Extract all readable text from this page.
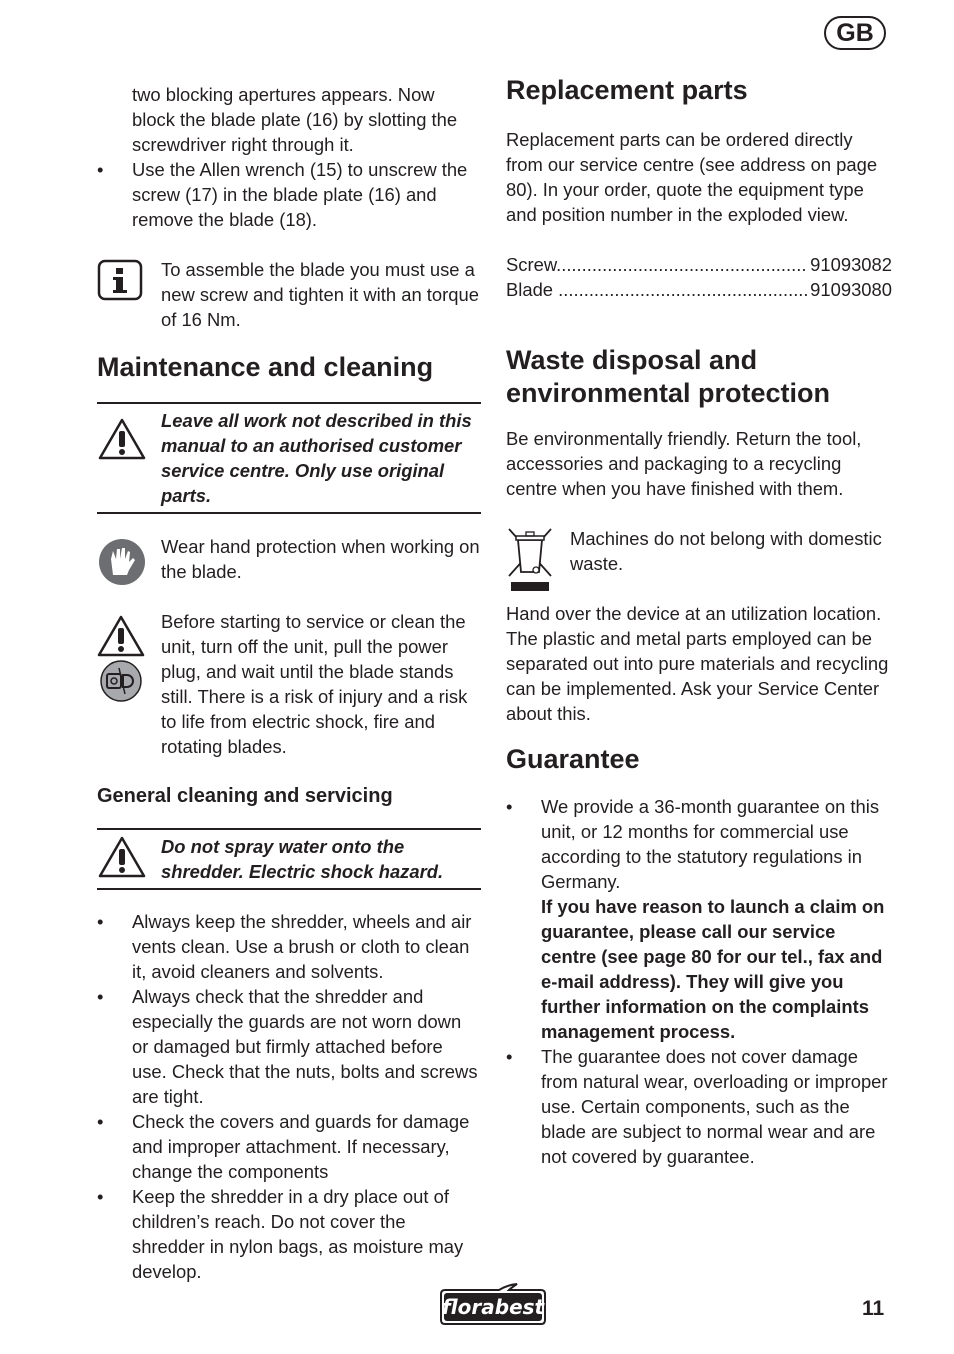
GB

two blocking apertures appears. Now block the blade plate (16) by slotting the screwdriver right through it.

• Use the Allen wrench (15) to unscrew the screw (17) in the blade plate (16) and remove the blade (18).

To assemble the blade you must use a new screw and tighten it with an torque of 16 Nm.

Maintenance and cleaning

Leave all work not described in this manual to an authorised customer service centre. Only use original parts.

Wear hand protection when working on the blade.

Before starting to service or clean the unit, turn off the unit, pull the power plug, and wait until the blade stands still. There is a risk of injury and a risk to life from electric shock, fire and rotating blades.

General cleaning and servicing

Do not spray water onto the shredder. Electric shock hazard.

• Always keep the shredder, wheels and air vents clean. Use a brush or cloth to clean it, avoid cleaners and solvents.
• Always check that the shredder and especially the guards are not worn down or damaged but firmly attached before use. Check that the nuts, bolts and screws are tight.
• Check the covers and guards for damage and improper attachment. If necessary, change the components
• Keep the shredder in a dry place out of children’s reach. Do not cover the shredder in nylon bags, as moisture may develop.
Replacement parts

Replacement parts can be ordered directly from our service centre (see address on page 80). In your order, quote the equipment type and position number in the exploded view.

Screw .....	91093082
Blade .....	91093080
Waste disposal and
environmental protection

Be environmentally friendly. Return the tool, accessories and packaging to a recycling centre when you have finished with them.

Machines do not belong with domestic waste.

Hand over the device at an utilization location. The plastic and metal parts employed can be separated out into pure materials and recycling can be implemented. Ask your Service Center about this.

Guarantee
• We provide a 36-month guarantee on this unit, or 12 months for commercial use according to the statutory regulations in Germany.
If you have reason to launch a claim on guarantee, please call our service centre (see page 80 for our tel., fax and e-mail address). They will give you further information on the complaints management process.
• The guarantee does not cover damage from natural wear, overloading or improper use. Certain components, such as the blade are subject to normal wear and are not covered by guarantee.
florabest	11
